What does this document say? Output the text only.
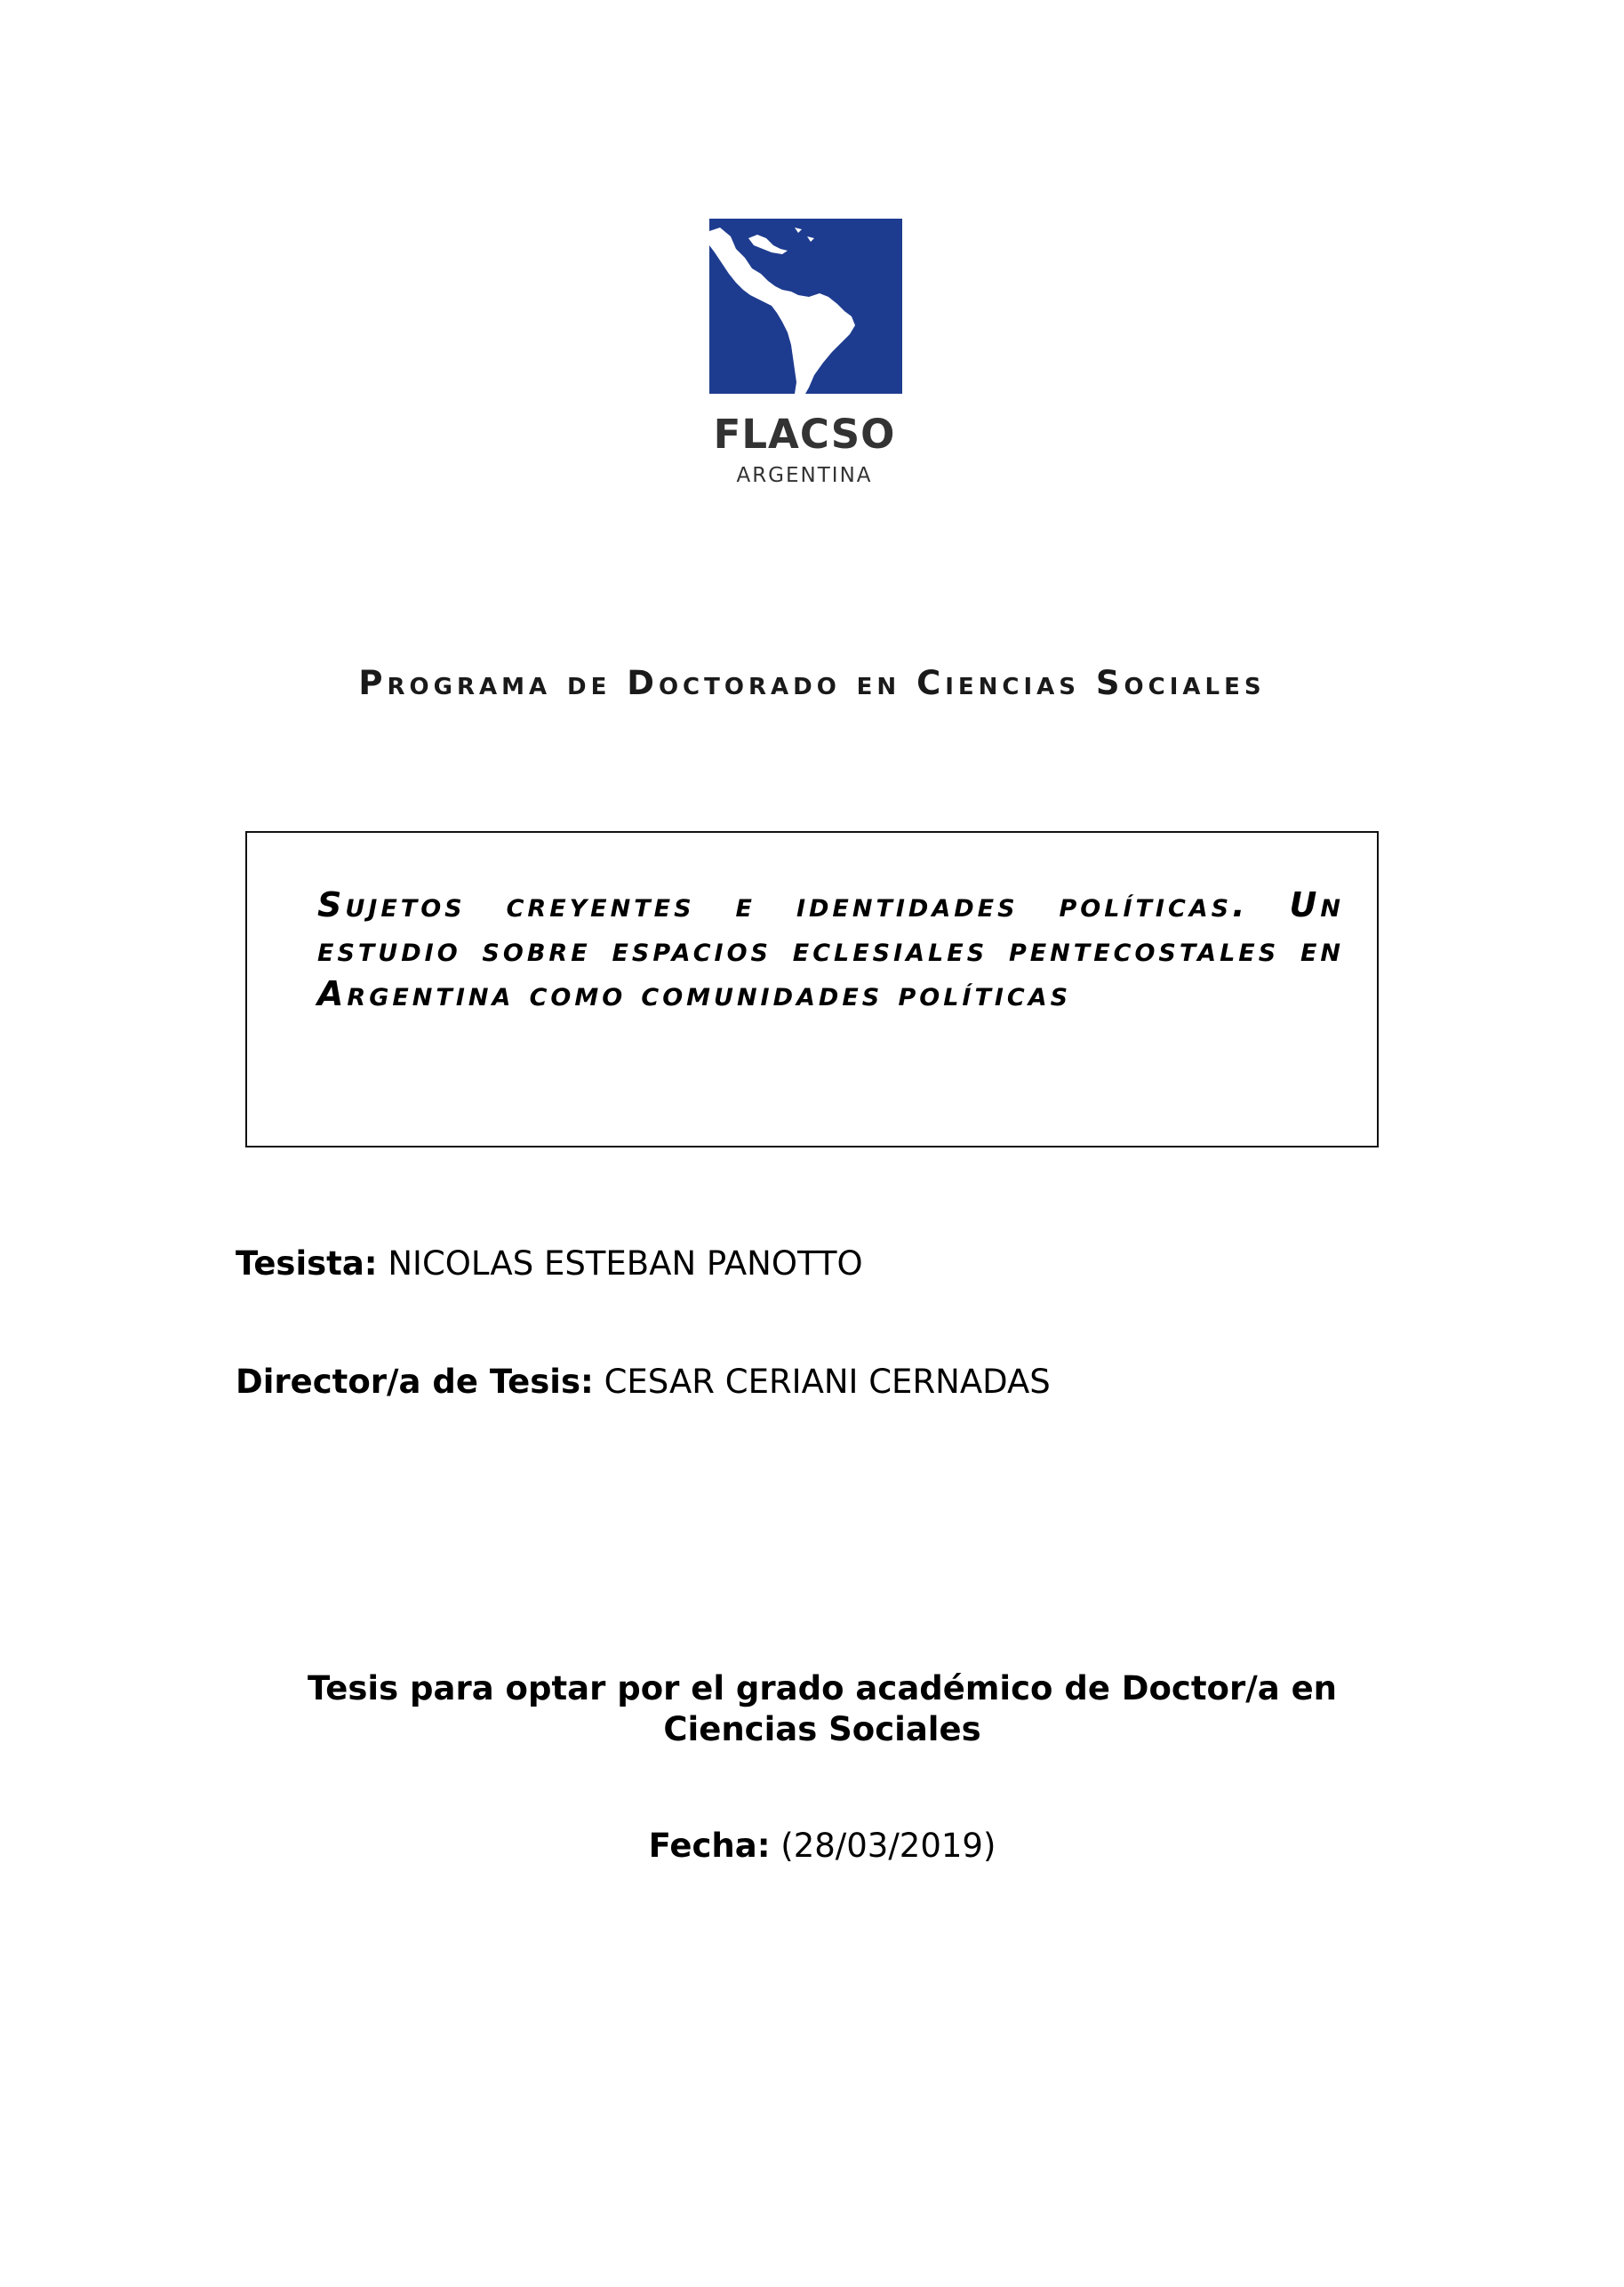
FLACSO
ARGENTINA
Programa de Doctorado en Ciencias Sociales
Sujetos creyentes e identidades políticas. Un estudio sobre espacios eclesiales pentecostales en Argentina como comunidades políticas
Tesista: NICOLAS ESTEBAN PANOTTO
Director/a de Tesis: CESAR CERIANI CERNADAS
Tesis para optar por el grado académico de Doctor/a en
Ciencias Sociales
Fecha: (28/03/2019)
